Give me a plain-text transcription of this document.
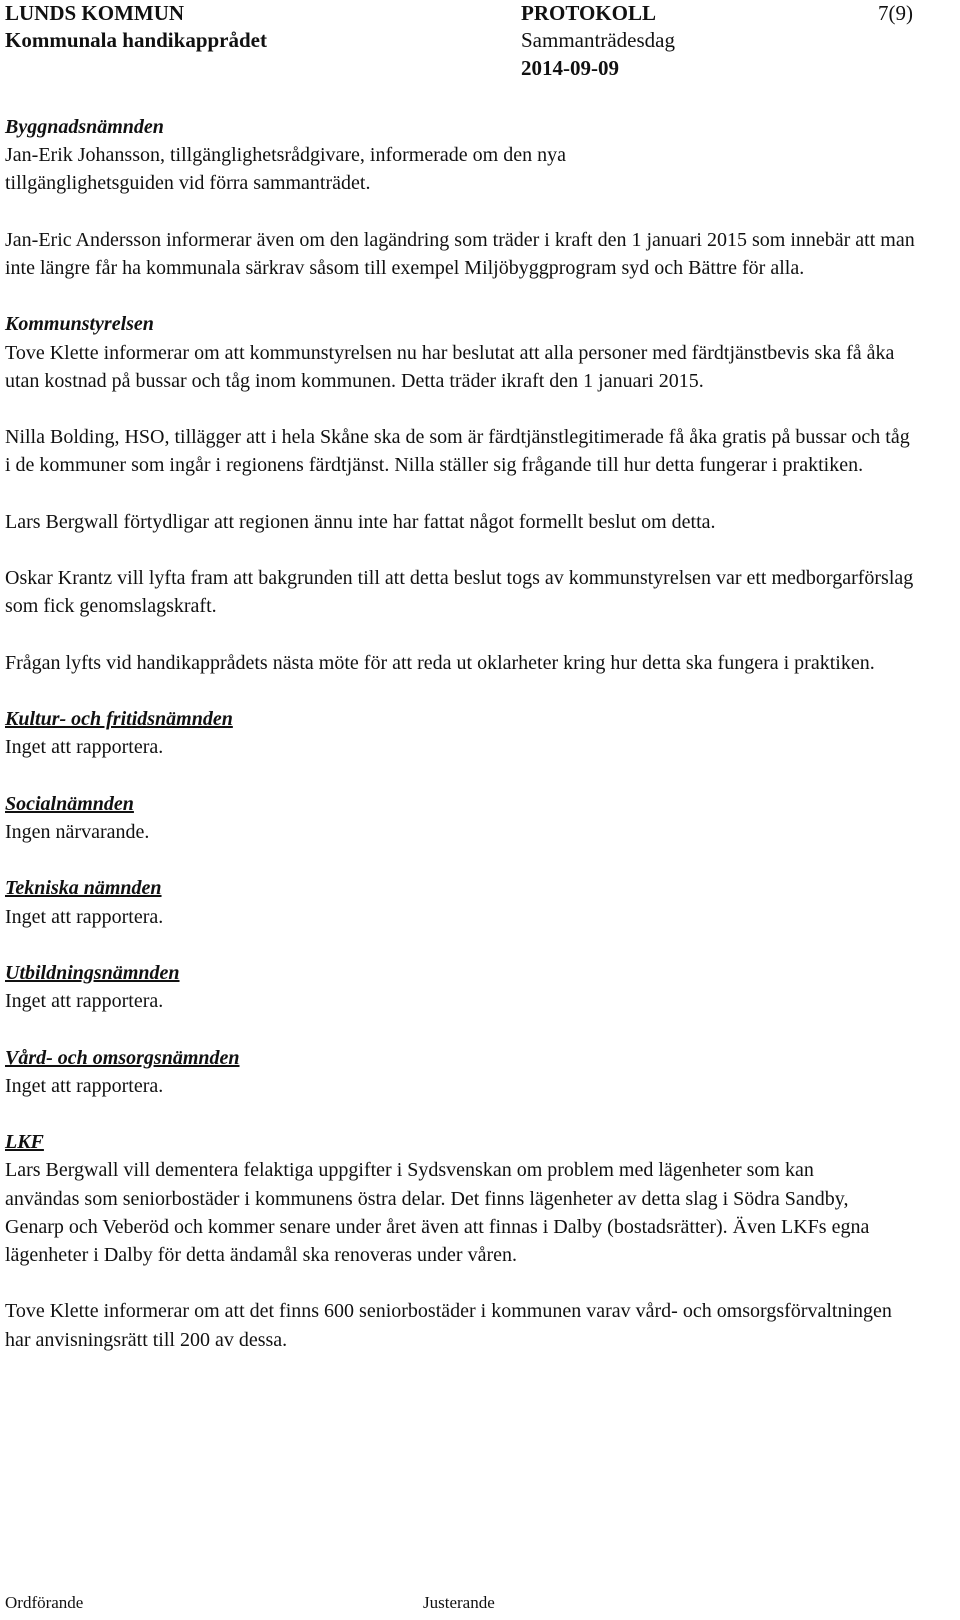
LUNDS KOMMUN
Kommunala handikapprådet
PROTOKOLL
Sammanträdesdag
2014-09-09
7(9)
Byggnadsnämnden

Jan-Erik Johansson, tillgänglighetsrådgivare, informerade om den nya tillgänglighetsguiden vid förra sammanträdet.

Jan-Eric Andersson informerar även om den lagändring som träder i kraft den 1 januari 2015 som innebär att man inte längre får ha kommunala särkrav såsom till exempel Miljöbyggprogram syd och Bättre för alla.

Kommunstyrelsen

Tove Klette informerar om att kommunstyrelsen nu har beslutat att alla personer med färdtjänstbevis ska få åka utan kostnad på bussar och tåg inom kommunen. Detta träder ikraft den 1 januari 2015.

Nilla Bolding, HSO, tillägger att i hela Skåne ska de som är färdtjänstlegitimerade få åka gratis på bussar och tåg i de kommuner som ingår i regionens färdtjänst. Nilla ställer sig frågande till hur detta fungerar i praktiken.

Lars Bergwall förtydligar att regionen ännu inte har fattat något formellt beslut om detta.

Oskar Krantz vill lyfta fram att bakgrunden till att detta beslut togs av kommunstyrelsen var ett medborgarförslag som fick genomslagskraft.

Frågan lyfts vid handikapprådets nästa möte för att reda ut oklarheter kring hur detta ska fungera i praktiken.

Kultur- och fritidsnämnden

Inget att rapportera.

Socialnämnden

Ingen närvarande.

Tekniska nämnden

Inget att rapportera.

Utbildningsnämnden

Inget att rapportera.

Vård- och omsorgsnämnden

Inget att rapportera.

LKF

Lars Bergwall vill dementera felaktiga uppgifter i Sydsvenskan om problem med lägenheter som kan användas som seniorbostäder i kommunens östra delar. Det finns lägenheter av detta slag i Södra Sandby, Genarp och Veberöd och kommer senare under året även att finnas i Dalby (bostadsrätter). Även LKFs egna lägenheter i Dalby för detta ändamål ska renoveras under våren.

Tove Klette informerar om att det finns 600 seniorbostäder i kommunen varav vård- och omsorgsförvaltningen har anvisningsrätt till 200 av dessa.

Ordförande	Justerande
